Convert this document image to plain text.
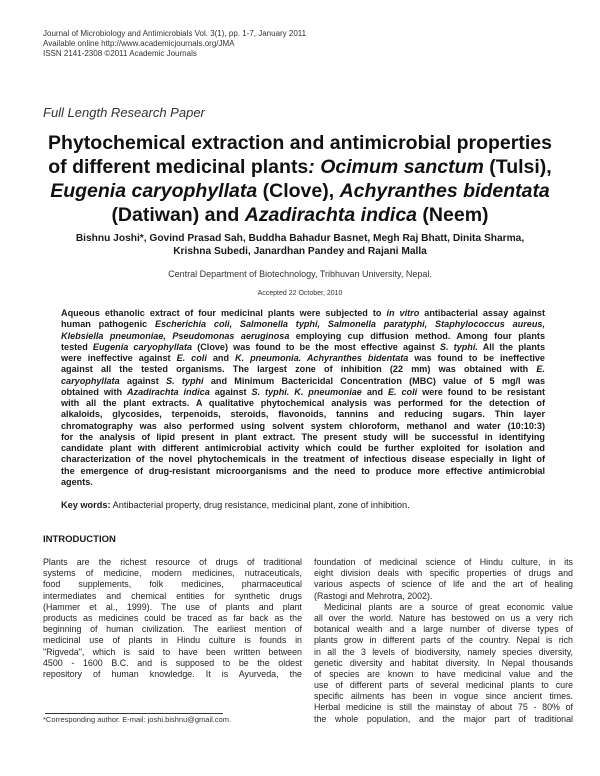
Journal of Microbiology and Antimicrobials Vol. 3(1), pp. 1-7, January 2011
Available online http://www.academicjournals.org/JMA
ISSN 2141-2308 ©2011 Academic Journals
Full Length Research Paper
Phytochemical extraction and antimicrobial properties
of different medicinal plants: Ocimum sanctum (Tulsi),
Eugenia caryophyllata (Clove), Achyranthes bidentata
(Datiwan) and Azadirachta indica (Neem)
Bishnu Joshi*, Govind Prasad Sah, Buddha Bahadur Basnet, Megh Raj Bhatt, Dinita Sharma,
Krishna Subedi, Janardhan Pandey and Rajani Malla
Central Department of Biotechnology, Tribhuvan University, Nepal.
Accepted 22 October, 2010
Aqueous ethanolic extract of four medicinal plants were subjected to in vitro antibacterial assay against
human pathogenic Escherichia coli, Salmonella typhi, Salmonella paratyphi, Staphylococcus aureus,
Klebsiella pneumoniae, Pseudomonas aeruginosa employing cup diffusion method. Among four plants
tested Eugenia caryophyllata (Clove) was found to be the most effective against S. typhi. All the plants
were ineffective against E. coli and K. pneumonia. Achyranthes bidentata was found to be ineffective
against all the tested organisms. The largest zone of inhibition (22 mm) was obtained with E.
caryophyllata against S. typhi and Minimum Bactericidal Concentration (MBC) value of 5 mg/l was
obtained with Azadirachta indica against S. typhi. K. pneumoniae and E. coli were found to be resistant
with all the plant extracts. A qualitative phytochemical analysis was performed for the detection of
alkaloids, glycosides, terpenoids, steroids, flavonoids, tannins and reducing sugars. Thin layer
chromatography was also performed using solvent system chloroform, methanol and water (10:10:3)
for the analysis of lipid present in plant extract. The present study will be successful in identifying
candidate plant with different antimicrobial activity which could be further exploited for isolation and
characterization of the novel phytochemicals in the treatment of infectious disease especially in light of
the emergence of drug-resistant microorganisms and the need to produce more effective antimicrobial
agents.
Key words: Antibacterial property, drug resistance, medicinal plant, zone of inhibition.
INTRODUCTION
Plants are the richest resource of drugs of traditional
systems of medicine, modern medicines, nutraceuticals,
food supplements, folk medicines, pharmaceutical
intermediates and chemical entities for synthetic drugs
(Hammer et al., 1999). The use of plants and plant
products as medicines could be traced as far back as the
beginning of human civilization. The earliest mention of
medicinal use of plants in Hindu culture is founds in
"Rigveda", which is said to have been written between
4500 - 1600 B.C. and is supposed to be the oldest
repository of human knowledge. It is Ayurveda, the
foundation of medicinal science of Hindu culture, in its
eight division deals with specific properties of drugs and
various aspects of science of life and the art of healing
(Rastogi and Mehrotra, 2002).
Medicinal plants are a source of great economic value
all over the world. Nature has bestowed on us a very rich
botanical wealth and a large number of diverse types of
plants grow in different parts of the country. Nepal is rich
in all the 3 levels of biodiversity, namely species diversity,
genetic diversity and habitat diversity. In Nepal thousands
of species are known to have medicinal value and the
use of different parts of several medicinal plants to cure
specific ailments has been in vogue since ancient times.
Herbal medicine is still the mainstay of about 75 - 80% of
the whole population, and the major part of traditional
*Corresponding author. E-mail: joshi.bishnu@gmail.com.
